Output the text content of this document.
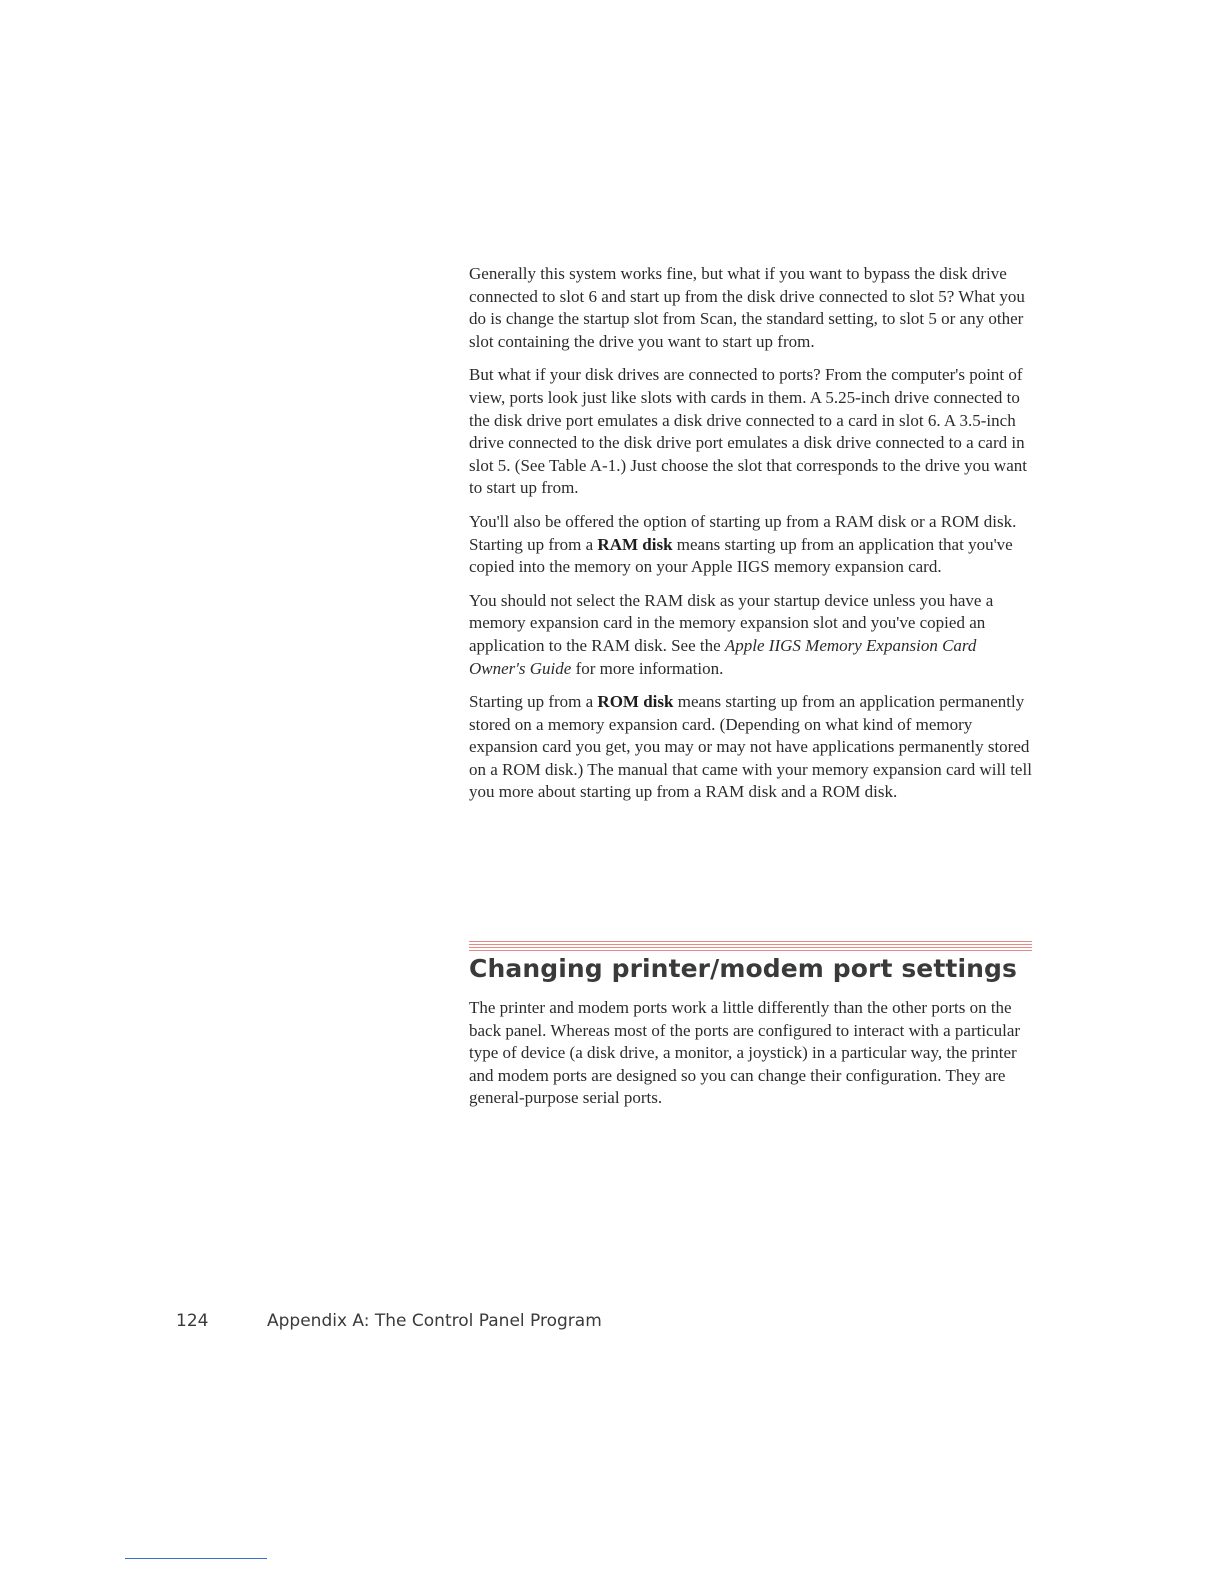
Generally this system works fine, but what if you want to bypass the disk drive connected to slot 6 and start up from the disk drive connected to slot 5? What you do is change the startup slot from Scan, the standard setting, to slot 5 or any other slot containing the drive you want to start up from.

But what if your disk drives are connected to ports? From the computer's point of view, ports look just like slots with cards in them. A 5.25-inch drive connected to the disk drive port emulates a disk drive connected to a card in slot 6. A 3.5-inch drive connected to the disk drive port emulates a disk drive connected to a card in slot 5. (See Table A-1.) Just choose the slot that corresponds to the drive you want to start up from.

You'll also be offered the option of starting up from a RAM disk or a ROM disk. Starting up from a RAM disk means starting up from an application that you've copied into the memory on your Apple IIGS memory expansion card.

You should not select the RAM disk as your startup device unless you have a memory expansion card in the memory expansion slot and you've copied an application to the RAM disk. See the Apple IIGS Memory Expansion Card Owner's Guide for more information.

Starting up from a ROM disk means starting up from an application permanently stored on a memory expansion card. (Depending on what kind of memory expansion card you get, you may or may not have applications permanently stored on a ROM disk.) The manual that came with your memory expansion card will tell you more about starting up from a RAM disk and a ROM disk.

Changing printer/modem port settings

The printer and modem ports work a little differently than the other ports on the back panel. Whereas most of the ports are configured to interact with a particular type of device (a disk drive, a monitor, a joystick) in a particular way, the printer and modem ports are designed so you can change their configuration. They are general-purpose serial ports.

124	Appendix A: The Control Panel Program
